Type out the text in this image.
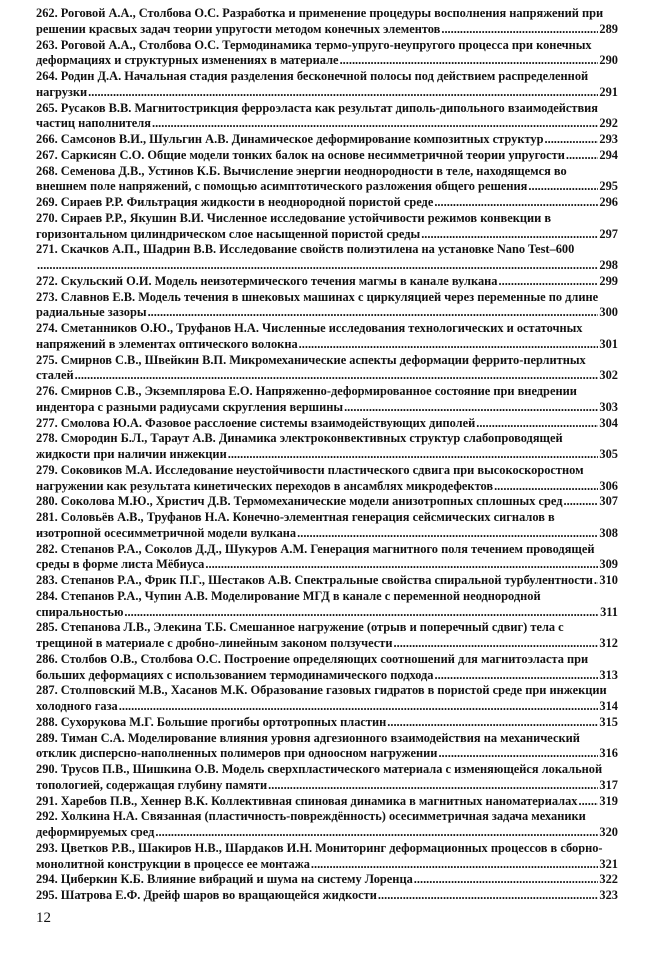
262. Роговой А.А., Столбова О.С. Разработка и применение процедуры восполнения напряжений при
решении красвых задач теории упругости методом конечных элементов .....	289
263. Роговой А.А., Столбова О.С. Термодинамика термо-упруго-неупругого процесса при конечных
деформациях и структурных изменениях в материале .....	290
264. Родин Д.А. Начальная стадия разделения бесконечной полосы под действием распределенной
нагрузки .....	291
265. Русаков В.В. Магнитострикция ферроэласта как результат диполь-дипольного взаимодействия
частиц наполнителя .....	292
266. Самсонов В.И., Шульгин А.В. Динамическое деформирование композитных структур .....	293
267. Саркисян С.О. Общие модели тонких балок на основе несимметричной теории упругости .....	294
268. Семенова Д.В., Устинов К.Б. Вычисление энергии неоднородности в теле, находящемся во
внешнем поле напряжений, с помощью асимптотического разложения общего решения .....	295
269. Сираев Р.Р. Фильтрация жидкости в неоднородной пористой среде .....	296
270. Сираев Р.Р., Якушин В.И. Численное исследование устойчивости режимов конвекции в
горизонтальном цилиндрическом слое насыщенной пористой среды .....	297
271. Скачков А.П., Шадрин В.В. Исследование свойств полиэтилена на установке Nano Test–600
.....
298
272. Скульский О.И. Модель неизотермического течения магмы в канале вулкана .....	299
273. Славнов Е.В. Модель течения в шнековых машинах с циркуляцией через переменные по длине
радиальные зазоры .....	300
274. Сметанников О.Ю., Труфанов Н.А. Численные исследования технологических и остаточных
напряжений в элементах оптического волокна .....	301
275. Смирнов С.В., Швейкин В.П. Микромеханические аспекты деформации феррито-перлитных
сталей .....	302
276. Смирнов С.В., Экземплярова Е.О. Напряженно-деформированное состояние при внедрении
индентора с разными радиусами скругления вершины .....	303
277. Смолова Ю.А. Фазовое расслоение системы взаимодействующих диполей .....	304
278. Смородин Б.Л., Тараут А.В. Динамика электроконвективных структур слабопроводящей
жидкости при наличии инжекции .....	305
279. Соковиков М.А. Исследование неустойчивости пластического сдвига при высокоскоростном
нагружении как результата кинетических переходов в ансамблях микродефектов .....	306
280. Соколова М.Ю., Христич Д.В. Термомеханические модели анизотропных сплошных сред .....	307
281. Соловьёв А.В., Труфанов Н.А. Конечно-элементная генерация сейсмических сигналов в
изотропной осесимметричной модели вулкана .....	308
282. Степанов Р.А., Соколов Д.Д., Шукуров А.М. Генерация магнитного поля течением проводящей
среды в форме листа Мёбиуса .....	309
283. Степанов Р.А., Фрик П.Г., Шестаков А.В. Спектральные свойства спиральной турбулентности ..... 310
284. Степанов Р.А., Чупин А.В. Моделирование МГД в канале с переменной неоднородной
спиральностью .....	311
285. Степанова Л.В., Элекина Т.Б. Смешанное нагружение (отрыв и поперечный сдвиг) тела с
трещиной в материале с дробно-линейным законом ползучести .....	312
286. Столбов О.В., Столбова О.С. Построение определяющих соотношений для магнитоэласта при
больших деформациях с использованием термодинамического подхода .....	313
287. Столповский М.В., Хасанов М.К. Образование газовых гидратов в пористой среде при инжекции
холодного газа .....	314
288. Сухорукова М.Г. Большие прогибы ортотропных пластин .....	315
289. Тиман С.А. Моделирование влияния уровня адгезионного взаимодействия на механический
отклик дисперсно-наполненных полимеров при одноосном нагружении .....	316
290. Трусов П.В., Шишкина О.В. Модель сверхпластического материала с изменяющейся локальной
топологией, содержащая глубину памяти .....	317
291. Харебов П.В., Хеннер В.К. Коллективная спиновая динамика в магнитных наноматериалах ..... 319
292. Холкина Н.А. Связанная (пластичность-повреждённость) осесимметричная задача механики
деформируемых сред .....	320
293. Цветков Р.В., Шакиров Н.В., Шардаков И.Н. Мониторинг деформационных процессов в сборно-
монолитной конструкции в процессе ее монтажа .....	321
294. Циберкин К.Б. Влияние вибраций и шума на систему Лоренца .....	322
295. Шатрова Е.Ф. Дрейф шаров во вращающейся жидкости .....	323
12
